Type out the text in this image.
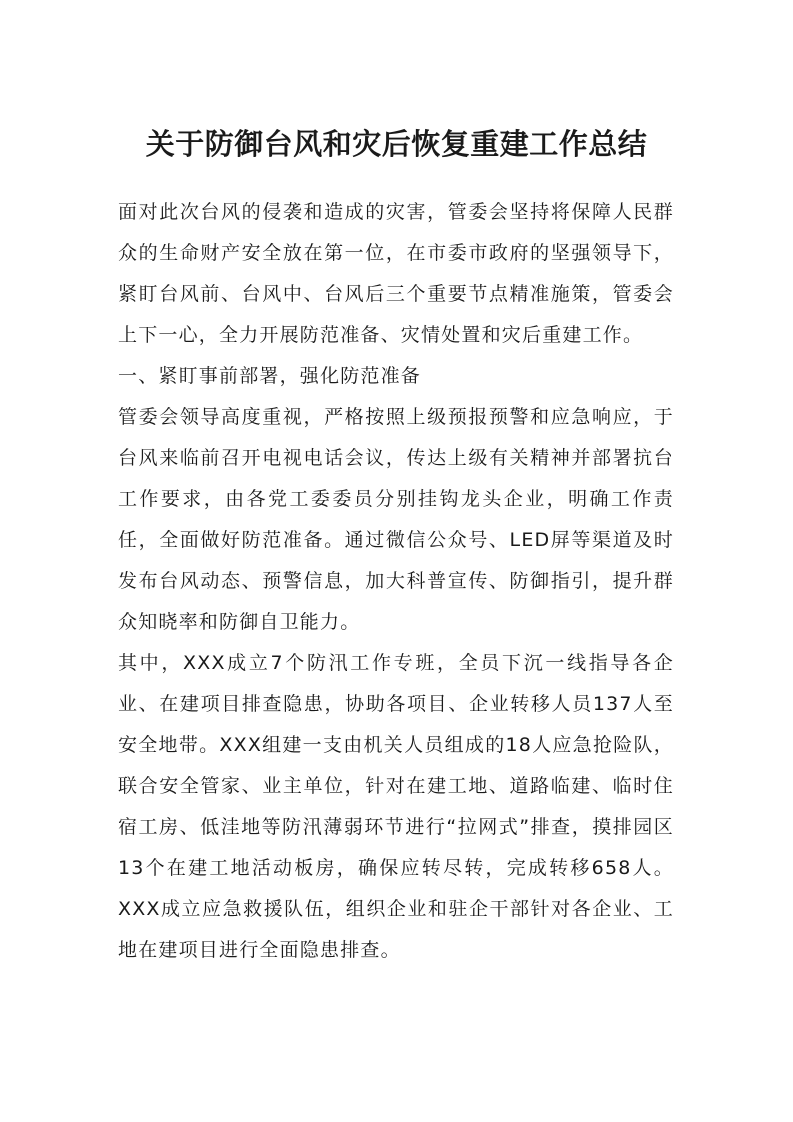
关于防御台风和灾后恢复重建工作总结

面对此次台风的侵袭和造成的灾害，管委会坚持将保障人民群众的生命财产安全放在第一位，在市委市政府的坚强领导下，紧盯台风前、台风中、台风后三个重要节点精准施策，管委会上下一心，全力开展防范准备、灾情处置和灾后重建工作。

一、紧盯事前部署，强化防范准备

管委会领导高度重视，严格按照上级预报预警和应急响应，于台风来临前召开电视电话会议，传达上级有关精神并部署抗台工作要求，由各党工委委员分别挂钩龙头企业，明确工作责任，全面做好防范准备。通过微信公众号、LED屏等渠道及时发布台风动态、预警信息，加大科普宣传、防御指引，提升群众知晓率和防御自卫能力。

其中，XXX成立7个防汛工作专班，全员下沉一线指导各企业、在建项目排查隐患，协助各项目、企业转移人员137人至安全地带。XXX组建一支由机关人员组成的18人应急抢险队，联合安全管家、业主单位，针对在建工地、道路临建、临时住宿工房、低洼地等防汛薄弱环节进行“拉网式”排查，摸排园区13个在建工地活动板房，确保应转尽转，完成转移658人。XXX成立应急救援队伍，组织企业和驻企干部针对各企业、工地在建项目进行全面隐患排查。
